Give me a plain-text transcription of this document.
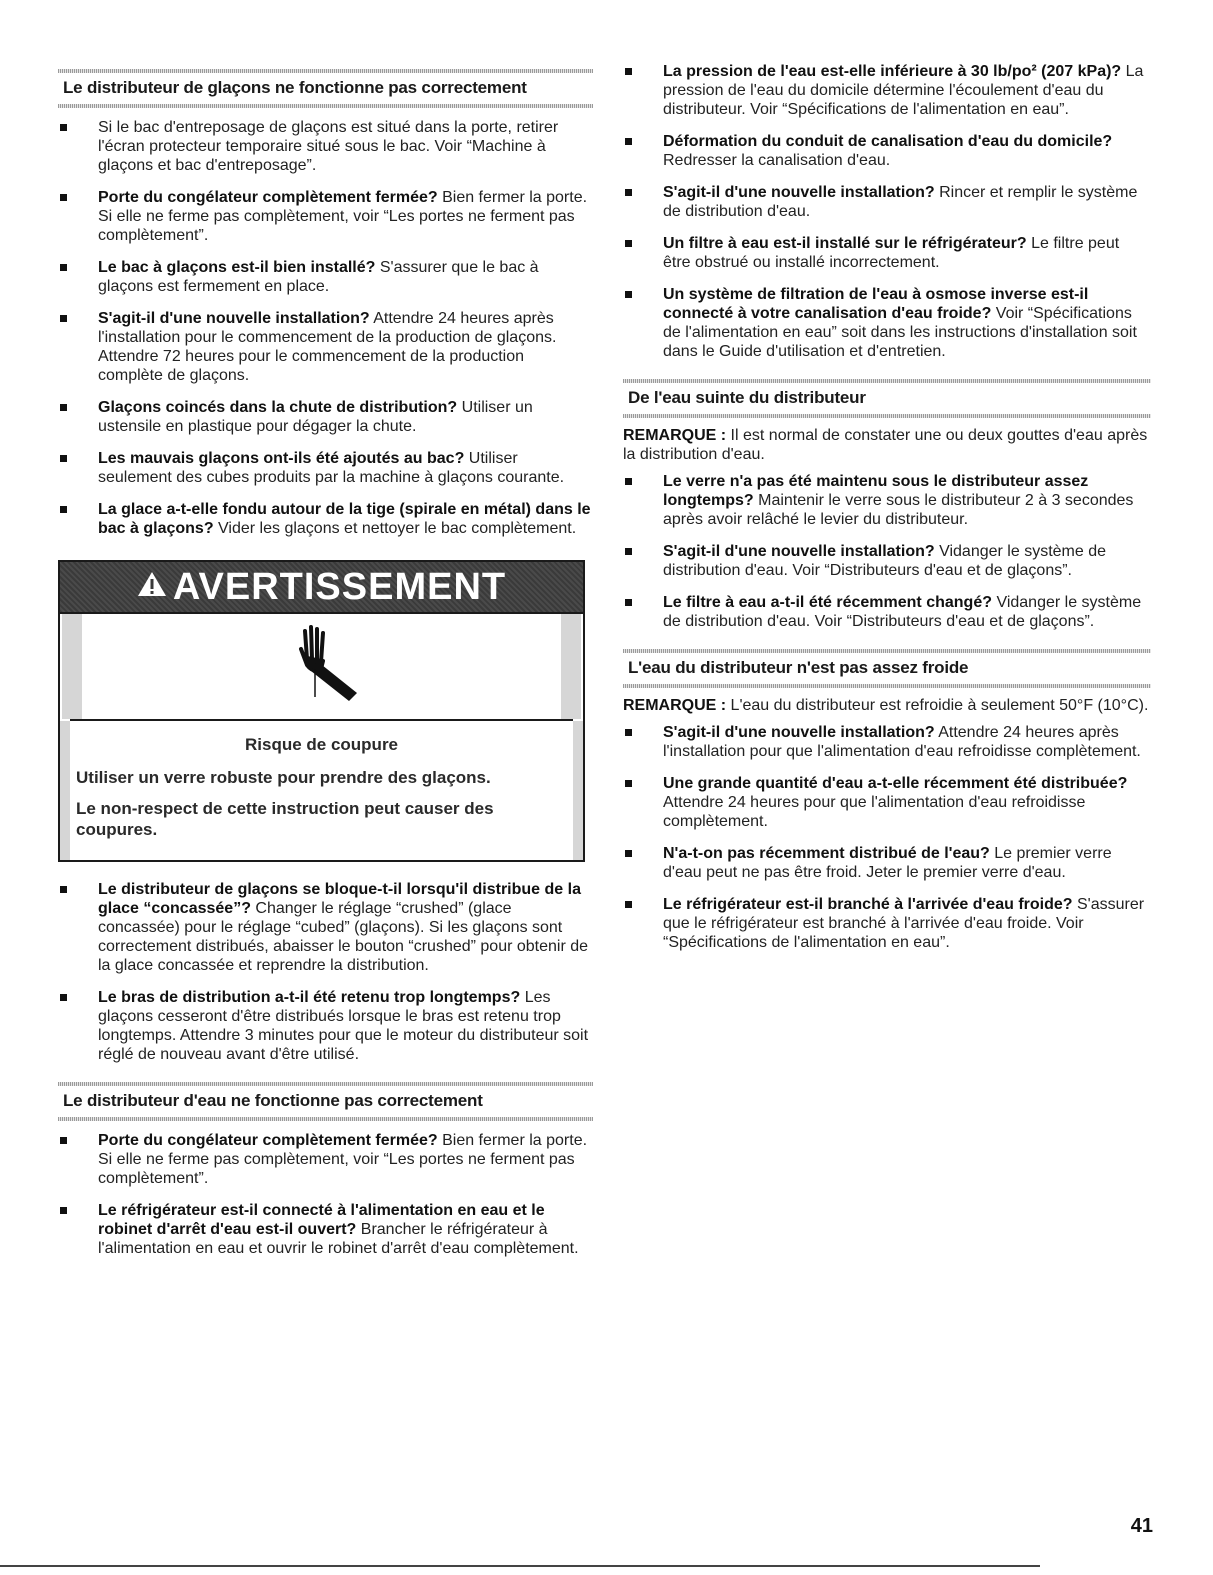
Le distributeur de glaçons ne fonctionne pas correctement
Si le bac d'entreposage de glaçons est situé dans la porte, retirer l'écran protecteur temporaire situé sous le bac. Voir “Machine à glaçons et bac d'entreposage”.
Porte du congélateur complètement fermée? Bien fermer la porte. Si elle ne ferme pas complètement, voir “Les portes ne ferment pas complètement”.
Le bac à glaçons est-il bien installé? S'assurer que le bac à glaçons est fermement en place.
S'agit-il d'une nouvelle installation? Attendre 24 heures après l'installation pour le commencement de la production de glaçons. Attendre 72 heures pour le commencement de la production complète de glaçons.
Glaçons coincés dans la chute de distribution? Utiliser un ustensile en plastique pour dégager la chute.
Les mauvais glaçons ont-ils été ajoutés au bac? Utiliser seulement des cubes produits par la machine à glaçons courante.
La glace a-t-elle fondu autour de la tige (spirale en métal) dans le bac à glaçons? Vider les glaçons et nettoyer le bac complètement.
AVERTISSEMENT
Risque de coupure
Utiliser un verre robuste pour prendre des glaçons.
Le non-respect de cette instruction peut causer des coupures.
Le distributeur de glaçons se bloque-t-il lorsqu'il distribue de la glace “concassée”? Changer le réglage “crushed” (glace concassée) pour le réglage “cubed” (glaçons). Si les glaçons sont correctement distribués, abaisser le bouton “crushed” pour obtenir de la glace concassée et reprendre la distribution.
Le bras de distribution a-t-il été retenu trop longtemps? Les glaçons cesseront d'être distribués lorsque le bras est retenu trop longtemps. Attendre 3 minutes pour que le moteur du distributeur soit réglé de nouveau avant d'être utilisé.
Le distributeur d'eau ne fonctionne pas correctement
Porte du congélateur complètement fermée? Bien fermer la porte. Si elle ne ferme pas complètement, voir “Les portes ne ferment pas complètement”.
Le réfrigérateur est-il connecté à l'alimentation en eau et le robinet d'arrêt d'eau est-il ouvert? Brancher le réfrigérateur à l'alimentation en eau et ouvrir le robinet d'arrêt d'eau complètement.
La pression de l'eau est-elle inférieure à 30 lb/po² (207 kPa)? La pression de l'eau du domicile détermine l'écoulement d'eau du distributeur. Voir “Spécifications de l'alimentation en eau”.
Déformation du conduit de canalisation d'eau du domicile? Redresser la canalisation d'eau.
S'agit-il d'une nouvelle installation? Rincer et remplir le système de distribution d'eau.
Un filtre à eau est-il installé sur le réfrigérateur? Le filtre peut être obstrué ou installé incorrectement.
Un système de filtration de l'eau à osmose inverse est-il connecté à votre canalisation d'eau froide? Voir “Spécifications de l'alimentation en eau” soit dans les instructions d'installation soit dans le Guide d'utilisation et d'entretien.
De l'eau suinte du distributeur

REMARQUE : Il est normal de constater une ou deux gouttes d'eau après la distribution d'eau.

Le verre n'a pas été maintenu sous le distributeur assez longtemps? Maintenir le verre sous le distributeur 2 à 3 secondes après avoir relâché le levier du distributeur.
S'agit-il d'une nouvelle installation? Vidanger le système de distribution d'eau. Voir “Distributeurs d'eau et de glaçons”.
Le filtre à eau a-t-il été récemment changé? Vidanger le système de distribution d'eau. Voir “Distributeurs d'eau et de glaçons”.
L'eau du distributeur n'est pas assez froide

REMARQUE : L'eau du distributeur est refroidie à seulement 50°F (10°C).

S'agit-il d'une nouvelle installation? Attendre 24 heures après l'installation pour que l'alimentation d'eau refroidisse complètement.
Une grande quantité d'eau a-t-elle récemment été distribuée? Attendre 24 heures pour que l'alimentation d'eau refroidisse complètement.
N'a-t-on pas récemment distribué de l'eau? Le premier verre d'eau peut ne pas être froid. Jeter le premier verre d'eau.
Le réfrigérateur est-il branché à l'arrivée d'eau froide? S'assurer que le réfrigérateur est branché à l'arrivée d'eau froide. Voir “Spécifications de l'alimentation en eau”.
41
